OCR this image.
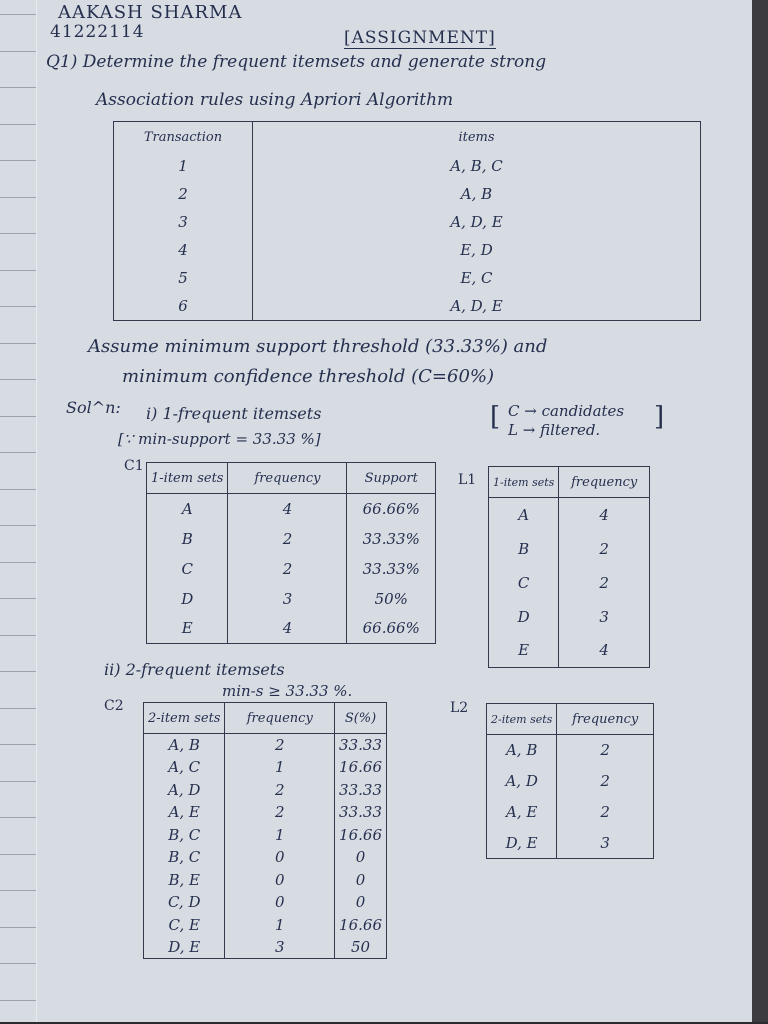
AAKASH SHARMA
41222114	[ASSIGNMENT]
Q1) Determine the frequent itemsets and generate strong
Association rules using Apriori Algorithm
Transaction	items
1	A, B, C
2	A, B
3	A, D, E
4	E, D
5	E, C
6	A, D, E
Assume minimum support threshold (33.33%) and
minimum confidence threshold (C=60%)
Sol^n: i) 1-frequent itemsets
[∵ min-support = 33.33 %]
[ C → candidates
L → filtered. ]
C1
1-item sets	frequency	Support
A	4	66.66%
B	2	33.33%
C	2	33.33%
D	3	50%
E	4	66.66%
L1 1-item sets	frequency
A	4
B	2
C	2
D	3
E	4
ii) 2-frequent itemsets
min-s ≥ 33.33 %.
C2
2-item sets	frequency	S(%)
A, B	2	33.33
A, C	1	16.66
A, D	2	33.33
A, E	2	33.33
B, C	1	16.66
B, C	0	0
B, E	0	0
C, D	0	0
C, E	1	16.66
D, E	3	50
L2
2-item sets	frequency
A, B	2
A, D	2
A, E	2
D, E	3
